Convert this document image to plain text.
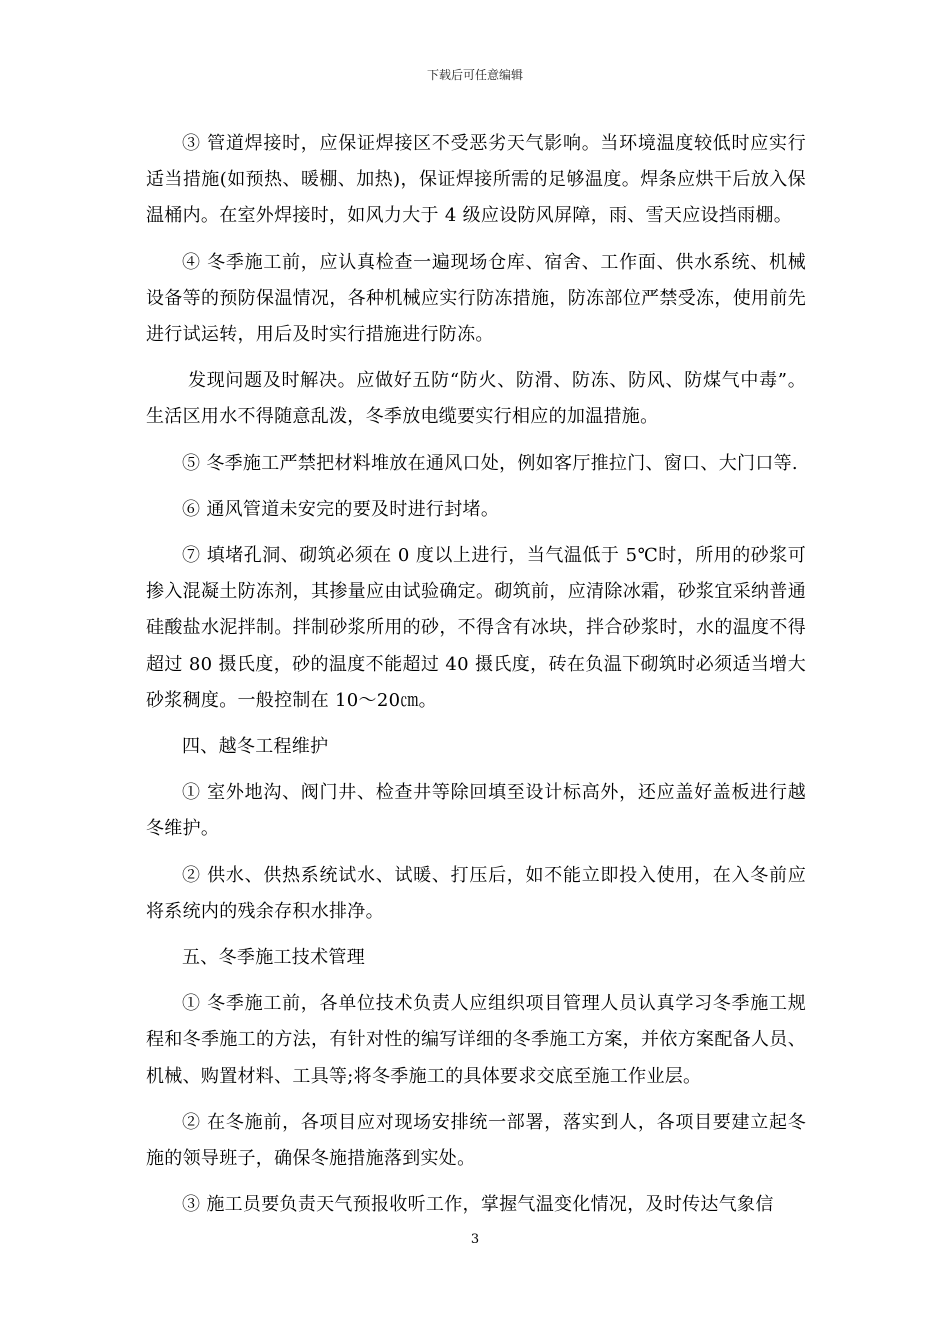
下载后可任意编辑

③ 管道焊接时，应保证焊接区不受恶劣天气影响。当环境温度较低时应实行适当措施(如预热、暖棚、加热)，保证焊接所需的足够温度。焊条应烘干后放入保温桶内。在室外焊接时，如风力大于 4 级应设防风屏障，雨、雪天应设挡雨棚。

④ 冬季施工前，应认真检查一遍现场仓库、宿舍、工作面、供水系统、机械设备等的预防保温情况，各种机械应实行防冻措施，防冻部位严禁受冻，使用前先进行试运转，用后及时实行措施进行防冻。

发现问题及时解决。应做好五防“防火、防滑、防冻、防风、防煤气中毒”。生活区用水不得随意乱泼，冬季放电缆要实行相应的加温措施。

⑤ 冬季施工严禁把材料堆放在通风口处，例如客厅推拉门、窗口、大门口等.

⑥ 通风管道未安完的要及时进行封堵。

⑦ 填堵孔洞、砌筑必须在 0 度以上进行，当气温低于 5℃时，所用的砂浆可掺入混凝土防冻剂，其掺量应由试验确定。砌筑前，应清除冰霜，砂浆宜采纳普通硅酸盐水泥拌制。拌制砂浆所用的砂，不得含有冰块，拌合砂浆时，水的温度不得超过 80 摄氏度，砂的温度不能超过 40 摄氏度，砖在负温下砌筑时必须适当增大砂浆稠度。一般控制在 10～20㎝。

四、越冬工程维护

① 室外地沟、阀门井、检查井等除回填至设计标高外，还应盖好盖板进行越冬维护。

② 供水、供热系统试水、试暖、打压后，如不能立即投入使用，在入冬前应将系统内的残余存积水排净。

五、冬季施工技术管理

① 冬季施工前，各单位技术负责人应组织项目管理人员认真学习冬季施工规程和冬季施工的方法，有针对性的编写详细的冬季施工方案，并依方案配备人员、机械、购置材料、工具等;将冬季施工的具体要求交底至施工作业层。

② 在冬施前，各项目应对现场安排统一部署，落实到人，各项目要建立起冬施的领导班子，确保冬施措施落到实处。

③ 施工员要负责天气预报收听工作，掌握气温变化情况，及时传达气象信

3
